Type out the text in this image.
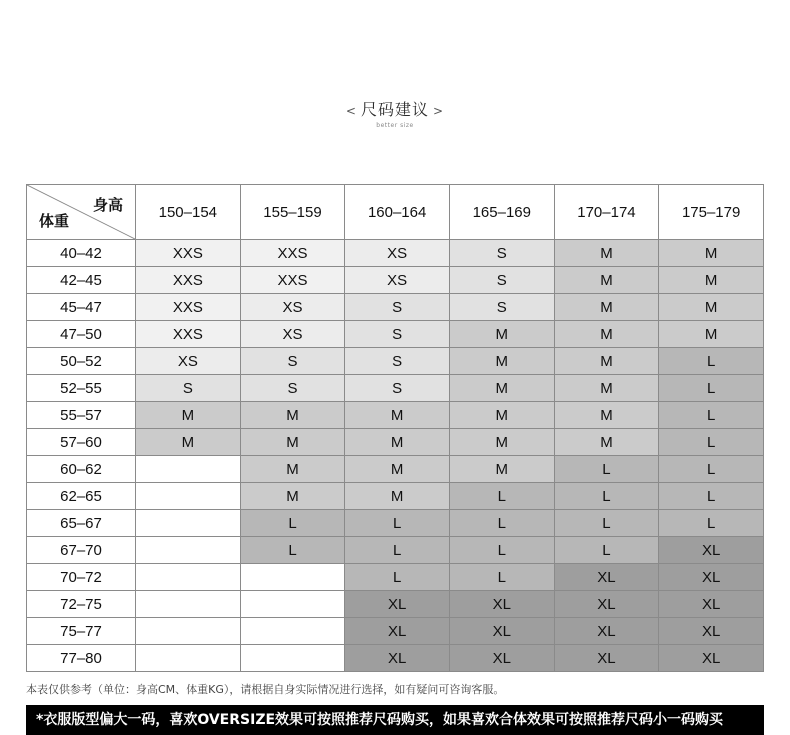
< 尺码建议 >
better size
身高
体重	150–154	155–159	160–164	165–169	170–174	175–179
40–42	XXS	XXS	XS	S	M	M
42–45	XXS	XXS	XS	S	M	M
45–47	XXS	XS	S	S	M	M
47–50	XXS	XS	S	M	M	M
50–52	XS	S	S	M	M	L
52–55	S	S	S	M	M	L
55–57	M	M	M	M	M	L
57–60	M	M	M	M	M	L
60–62		M	M	M	L	L
62–65		M	M	L	L	L
65–67		L	L	L	L	L
67–70		L	L	L	L	XL
70–72			L	L	XL	XL
72–75			XL	XL	XL	XL
75–77			XL	XL	XL	XL
77–80			XL	XL	XL	XL
本表仅供参考（单位：身高CM、体重KG），请根据自身实际情况进行选择，如有疑问可咨询客服。
*衣服版型偏大一码，喜欢OVERSIZE效果可按照推荐尺码购买，如果喜欢合体效果可按照推荐尺码小一码购买
